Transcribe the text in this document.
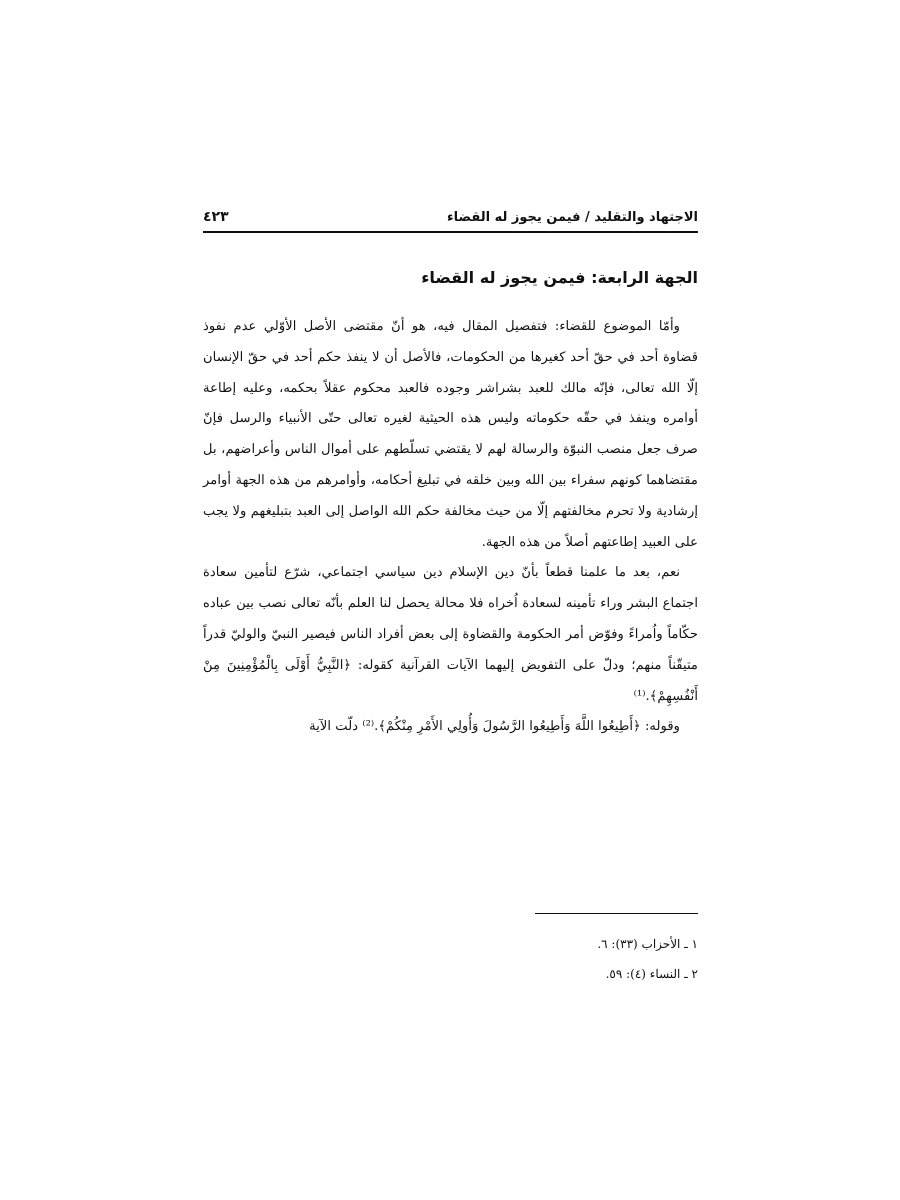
الاجتهاد والتقليد / فيمن يجوز له القضاء
٤٢٣
الجهة الرابعة: فيمن يجوز له القضاء

وأمّا الموضوع للقضاء: فتفصيل المقال فيه، هو أنّ مقتضى الأصل الأوّلي عدم نفوذ قضاوة أحد في حقّ أحد كغيرها من الحكومات، فالأصل أن لا ينفذ حكم أحد في حقّ الإنسان إلّا الله تعالى، فإنّه مالك للعبد بشراشر وجوده فالعبد محكوم عقلاً بحكمه، وعليه إطاعة أوامره وينفذ في حقّه حكوماته وليس هذه الحيثية لغيره تعالى حتّى الأنبياء والرسل فإنّ صرف جعل منصب النبوّة والرسالة لهم لا يقتضي تسلّطهم على أموال الناس وأعراضهم، بل مقتضاهما كونهم سفراء بين الله وبين خلقه في تبليغ أحكامه، وأوامرهم من هذه الجهة أوامر إرشادية ولا تحرم مخالفتهم إلّا من حيث مخالفة حكم الله الواصل إلى العبد بتبليغهم ولا يجب على العبيد إطاعتهم أصلاً من هذه الجهة.

نعم، بعد ما علمنا قطعاً بأنّ دين الإسلام دين سياسي اجتماعي، شرّع لتأمين سعادة اجتماع البشر وراء تأمينه لسعادة اُخراه فلا محالة يحصل لنا العلم بأنّه تعالى نصب بين عباده حكّاماً واُمراءً وفوّض أمر الحكومة والقضاوة إلى بعض أفراد الناس فيصير النبيّ والوليّ قدراً متيقّناً منهم؛ ودلّ على التفويض إليهما الآيات القرآنية كقوله: ﴿النَّبِيُّ أَوْلَى بِالْمُؤْمِنِينَ مِنْ أَنْفُسِهِمْ﴾.⁽¹⁾

وقوله: ﴿أَطِيعُوا اللَّهَ وَأَطِيعُوا الرَّسُولَ وَأُولِي الأَمْرِ مِنْكُمْ﴾.⁽²⁾ دلّت الآية

١ ـ الأحزاب (٣٣): ٦.
٢ ـ النساء (٤): ٥٩.
